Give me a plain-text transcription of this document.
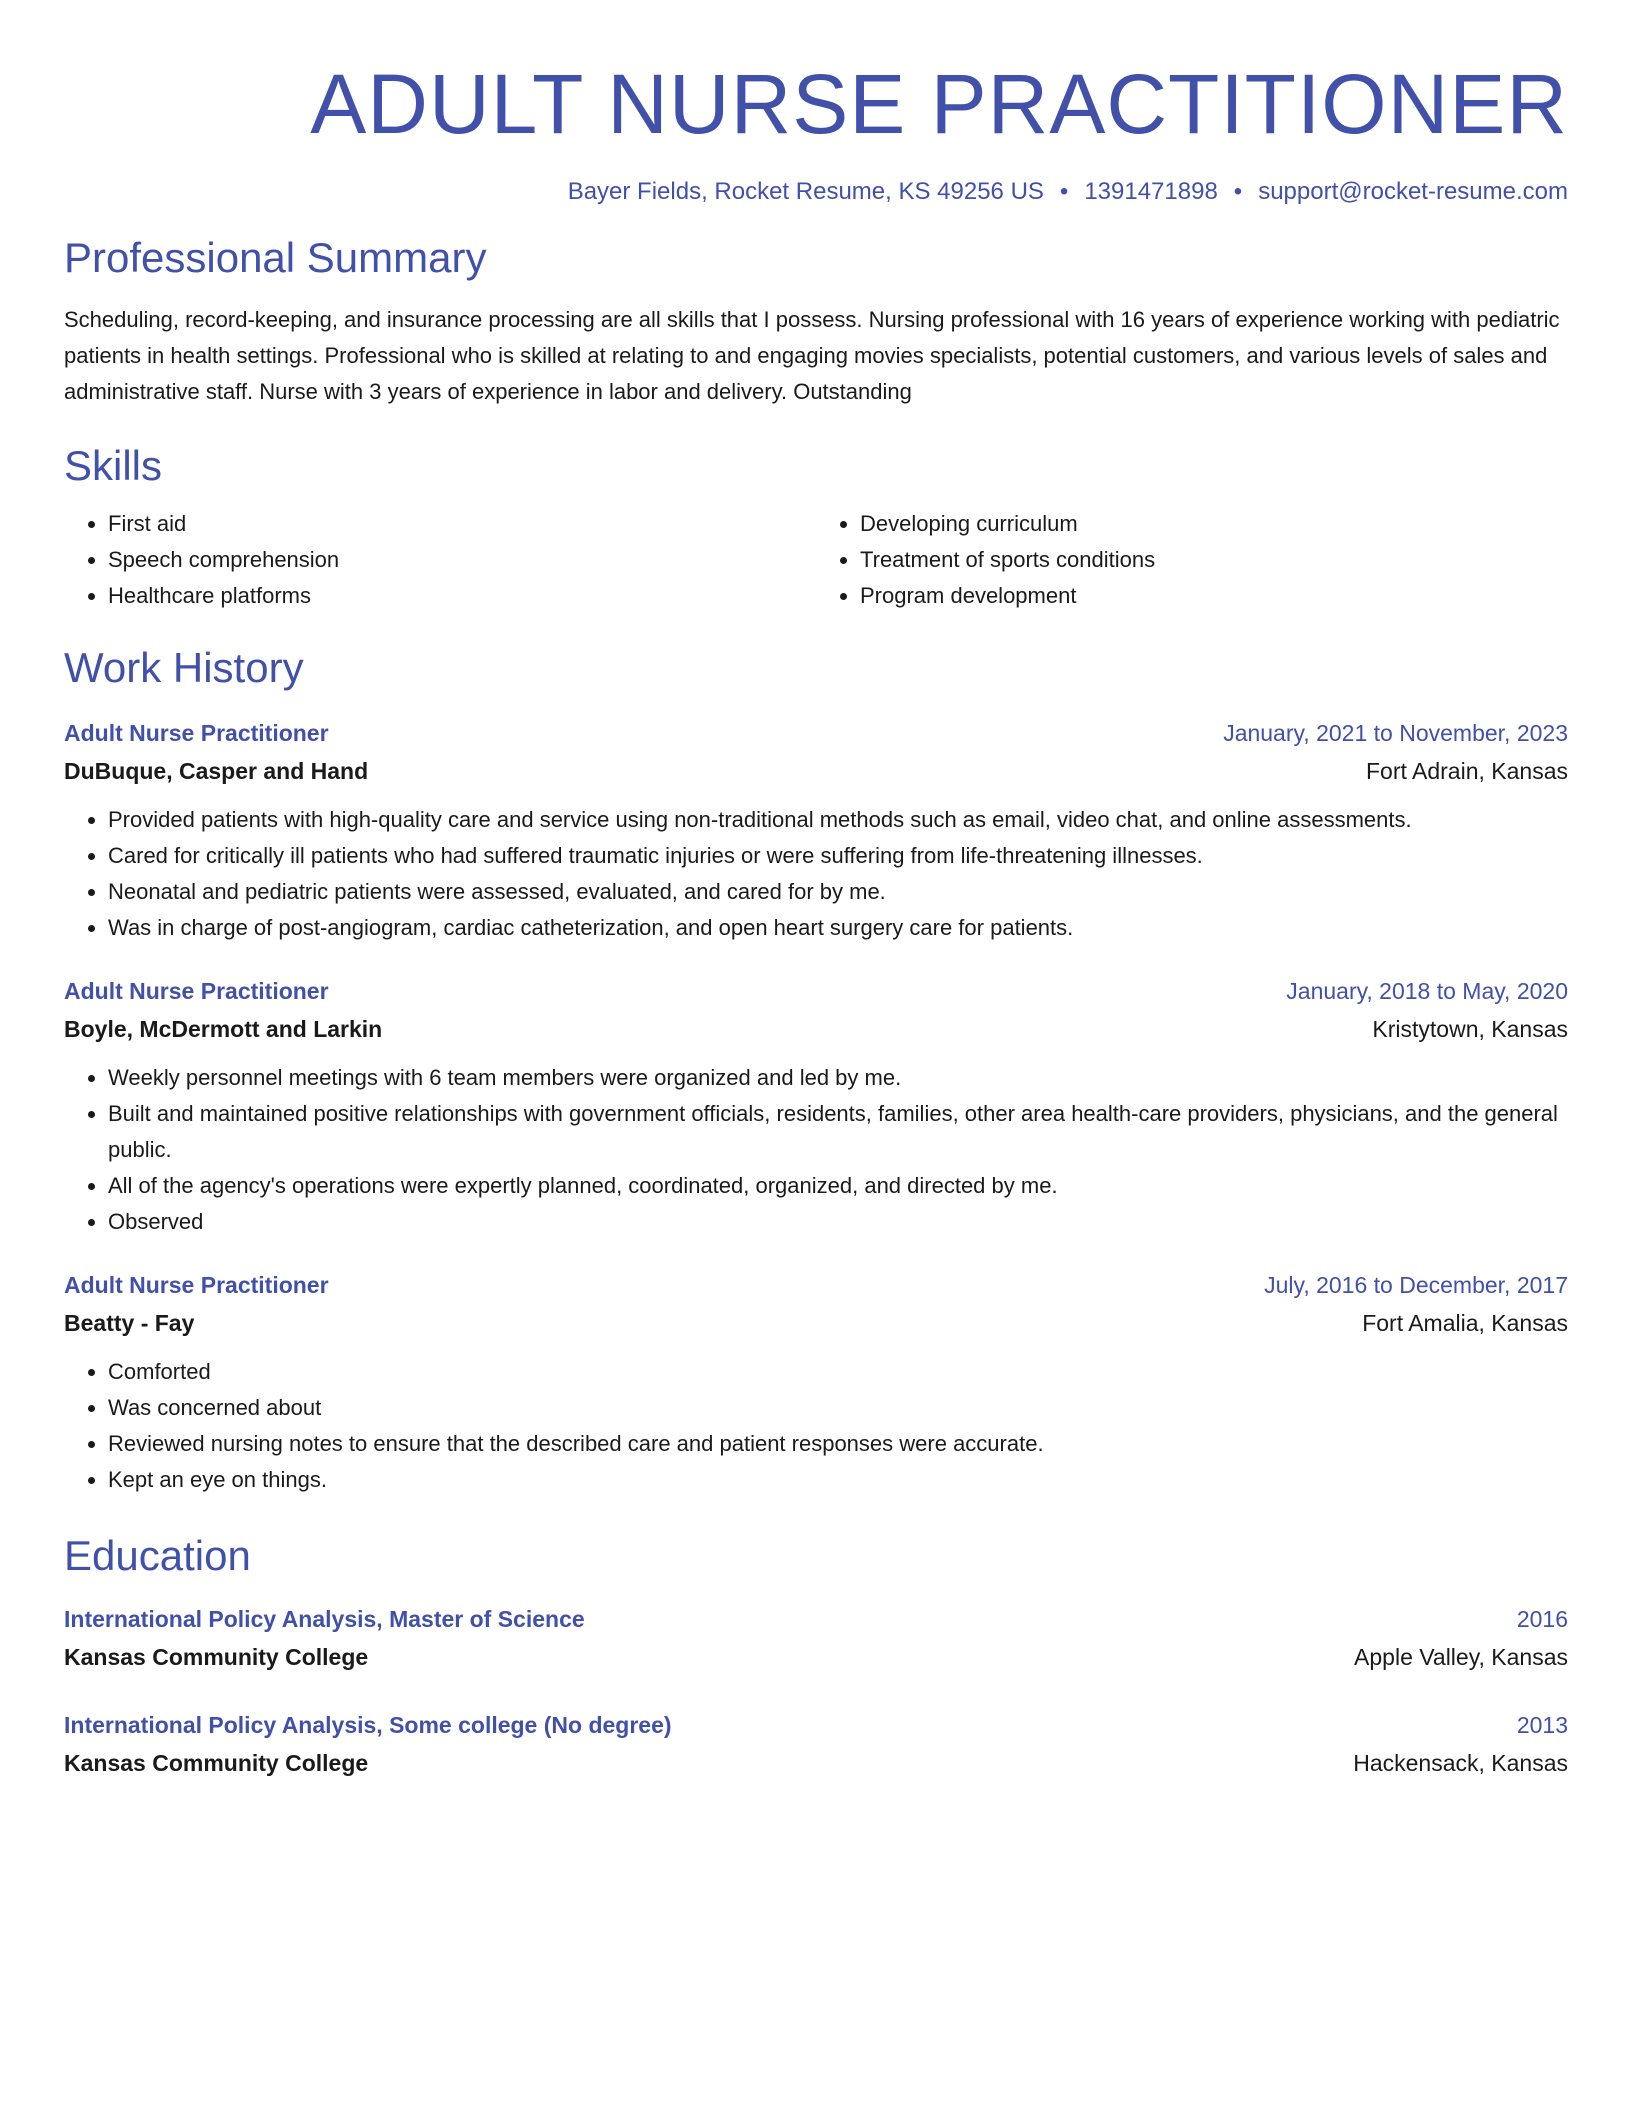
ADULT NURSE PRACTITIONER
Bayer Fields, Rocket Resume, KS 49256 US • 1391471898 • support@rocket-resume.com
Professional Summary

Scheduling, record-keeping, and insurance processing are all skills that I possess. Nursing professional with 16 years of experience working with pediatric patients in health settings. Professional who is skilled at relating to and engaging movies specialists, potential customers, and various levels of sales and administrative staff. Nurse with 3 years of experience in labor and delivery. Outstanding

Skills
• First aid
• Speech comprehension
• Healthcare platforms
• Developing curriculum
• Treatment of sports conditions
• Program development
Work History
Adult Nurse Practitioner	January, 2021 to November, 2023
DuBuque, Casper and Hand	Fort Adrain, Kansas
• Provided patients with high-quality care and service using non-traditional methods such as email, video chat, and online assessments.
• Cared for critically ill patients who had suffered traumatic injuries or were suffering from life-threatening illnesses.
• Neonatal and pediatric patients were assessed, evaluated, and cared for by me.
• Was in charge of post-angiogram, cardiac catheterization, and open heart surgery care for patients.
Adult Nurse Practitioner	January, 2018 to May, 2020
Boyle, McDermott and Larkin	Kristytown, Kansas
• Weekly personnel meetings with 6 team members were organized and led by me.
• Built and maintained positive relationships with government officials, residents, families, other area health-care providers, physicians, and the general public.
• All of the agency's operations were expertly planned, coordinated, organized, and directed by me.
• Observed
Adult Nurse Practitioner	July, 2016 to December, 2017
Beatty - Fay	Fort Amalia, Kansas
• Comforted
• Was concerned about
• Reviewed nursing notes to ensure that the described care and patient responses were accurate.
• Kept an eye on things.
Education
International Policy Analysis, Master of Science	2016
Kansas Community College	Apple Valley, Kansas
International Policy Analysis, Some college (No degree)	2013
Kansas Community College	Hackensack, Kansas
